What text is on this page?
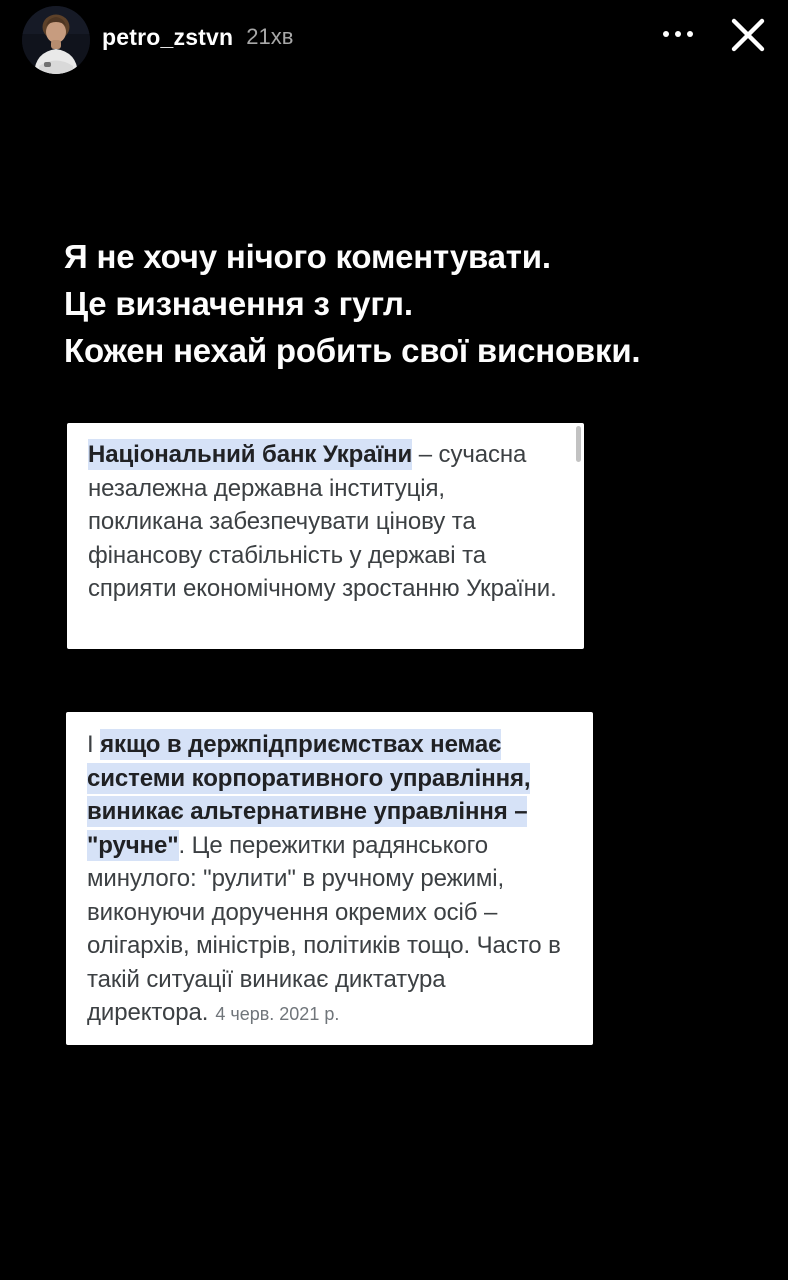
petro_zstvn 21хв
Я не хочу нічого коментувати.
Це визначення з гугл.
Кожен нехай робить свої висновки.

Національний банк України – сучасна незалежна державна інституція, покликана забезпечувати цінову та фінансову стабільність у державі та сприяти економічному зростанню України.

І якщо в держпідприємствах немає системи корпоративного управління, виникає альтернативне управління – "ручне". Це пережитки радянського минулого: "рулити" в ручному режимі, виконуючи доручення окремих осіб – олігархів, міністрів, політиків тощо. Часто в такій ситуації виникає диктатура директора. 4 черв. 2021 р.
